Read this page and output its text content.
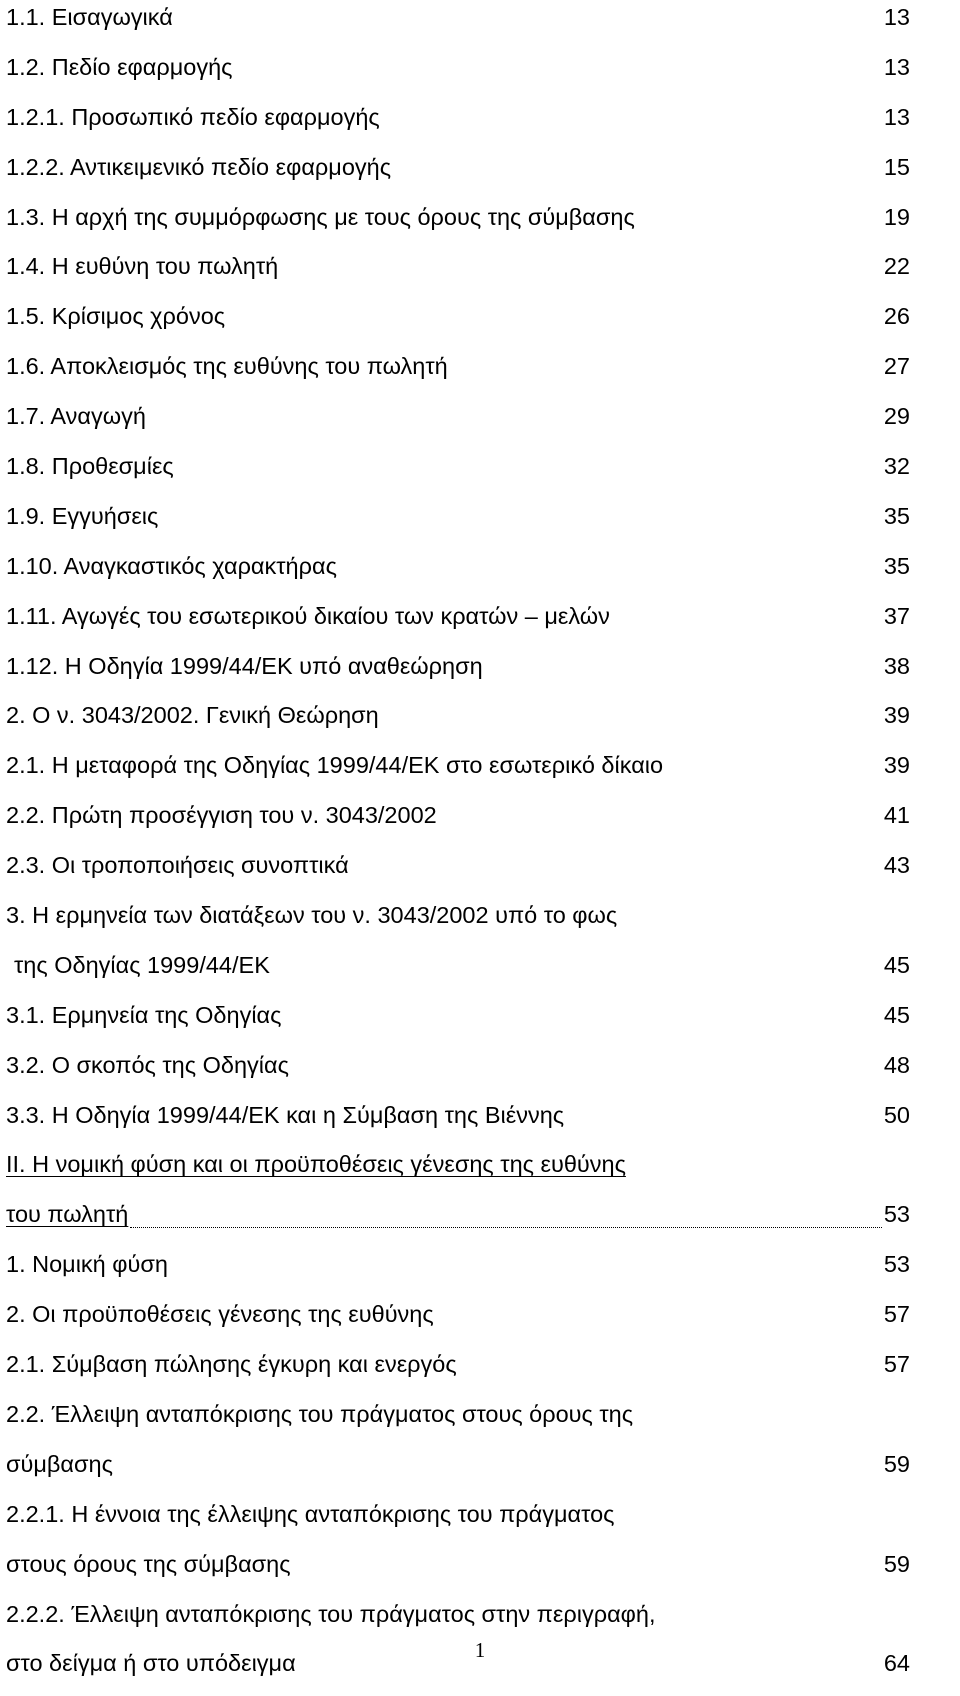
1.1. Εισαγωγικά	13
1.2. Πεδίο εφαρμογής	13
1.2.1. Προσωπικό πεδίο εφαρμογής	13
1.2.2. Αντικειμενικό πεδίο εφαρμογής	15
1.3. Η αρχή της συμμόρφωσης με τους όρους της σύμβασης	19
1.4. Η ευθύνη του πωλητή	22
1.5. Κρίσιμος χρόνος	26
1.6. Αποκλεισμός της ευθύνης του πωλητή	27
1.7. Αναγωγή	29
1.8. Προθεσμίες	32
1.9. Εγγυήσεις	35
1.10. Αναγκαστικός χαρακτήρας	35
1.11. Αγωγές του εσωτερικού δικαίου των κρατών – μελών	37
1.12. Η Οδηγία 1999/44/ΕΚ υπό αναθεώρηση	38
2. Ο ν. 3043/2002. Γενική Θεώρηση	39
2.1. Η μεταφορά της Οδηγίας 1999/44/ΕΚ στο εσωτερικό δίκαιο	39
2.2. Πρώτη προσέγγιση του ν. 3043/2002	41
2.3. Οι τροποποιήσεις συνοπτικά	43
3. Η ερμηνεία των διατάξεων του ν. 3043/2002 υπό το φως
της Οδηγίας 1999/44/ΕΚ	45
3.1. Ερμηνεία της Οδηγίας	45
3.2. Ο σκοπός της Οδηγίας	48
3.3. Η Οδηγία 1999/44/ΕΚ και η Σύμβαση της Βιέννης	50
ΙΙ. Η νομική φύση και οι προϋποθέσεις γένεσης της ευθύνης
του πωλητή	53
1. Νομική φύση	53
2. Οι προϋποθέσεις γένεσης της ευθύνης	57
2.1. Σύμβαση πώλησης έγκυρη και ενεργός	57
2.2. Έλλειψη ανταπόκρισης του πράγματος στους όρους της
σύμβασης	59
2.2.1. Η έννοια της έλλειψης ανταπόκρισης του πράγματος
στους όρους της σύμβασης	59
2.2.2. Έλλειψη ανταπόκρισης του πράγματος στην περιγραφή,
στο δείγμα ή στο υπόδειγμα	64
1
